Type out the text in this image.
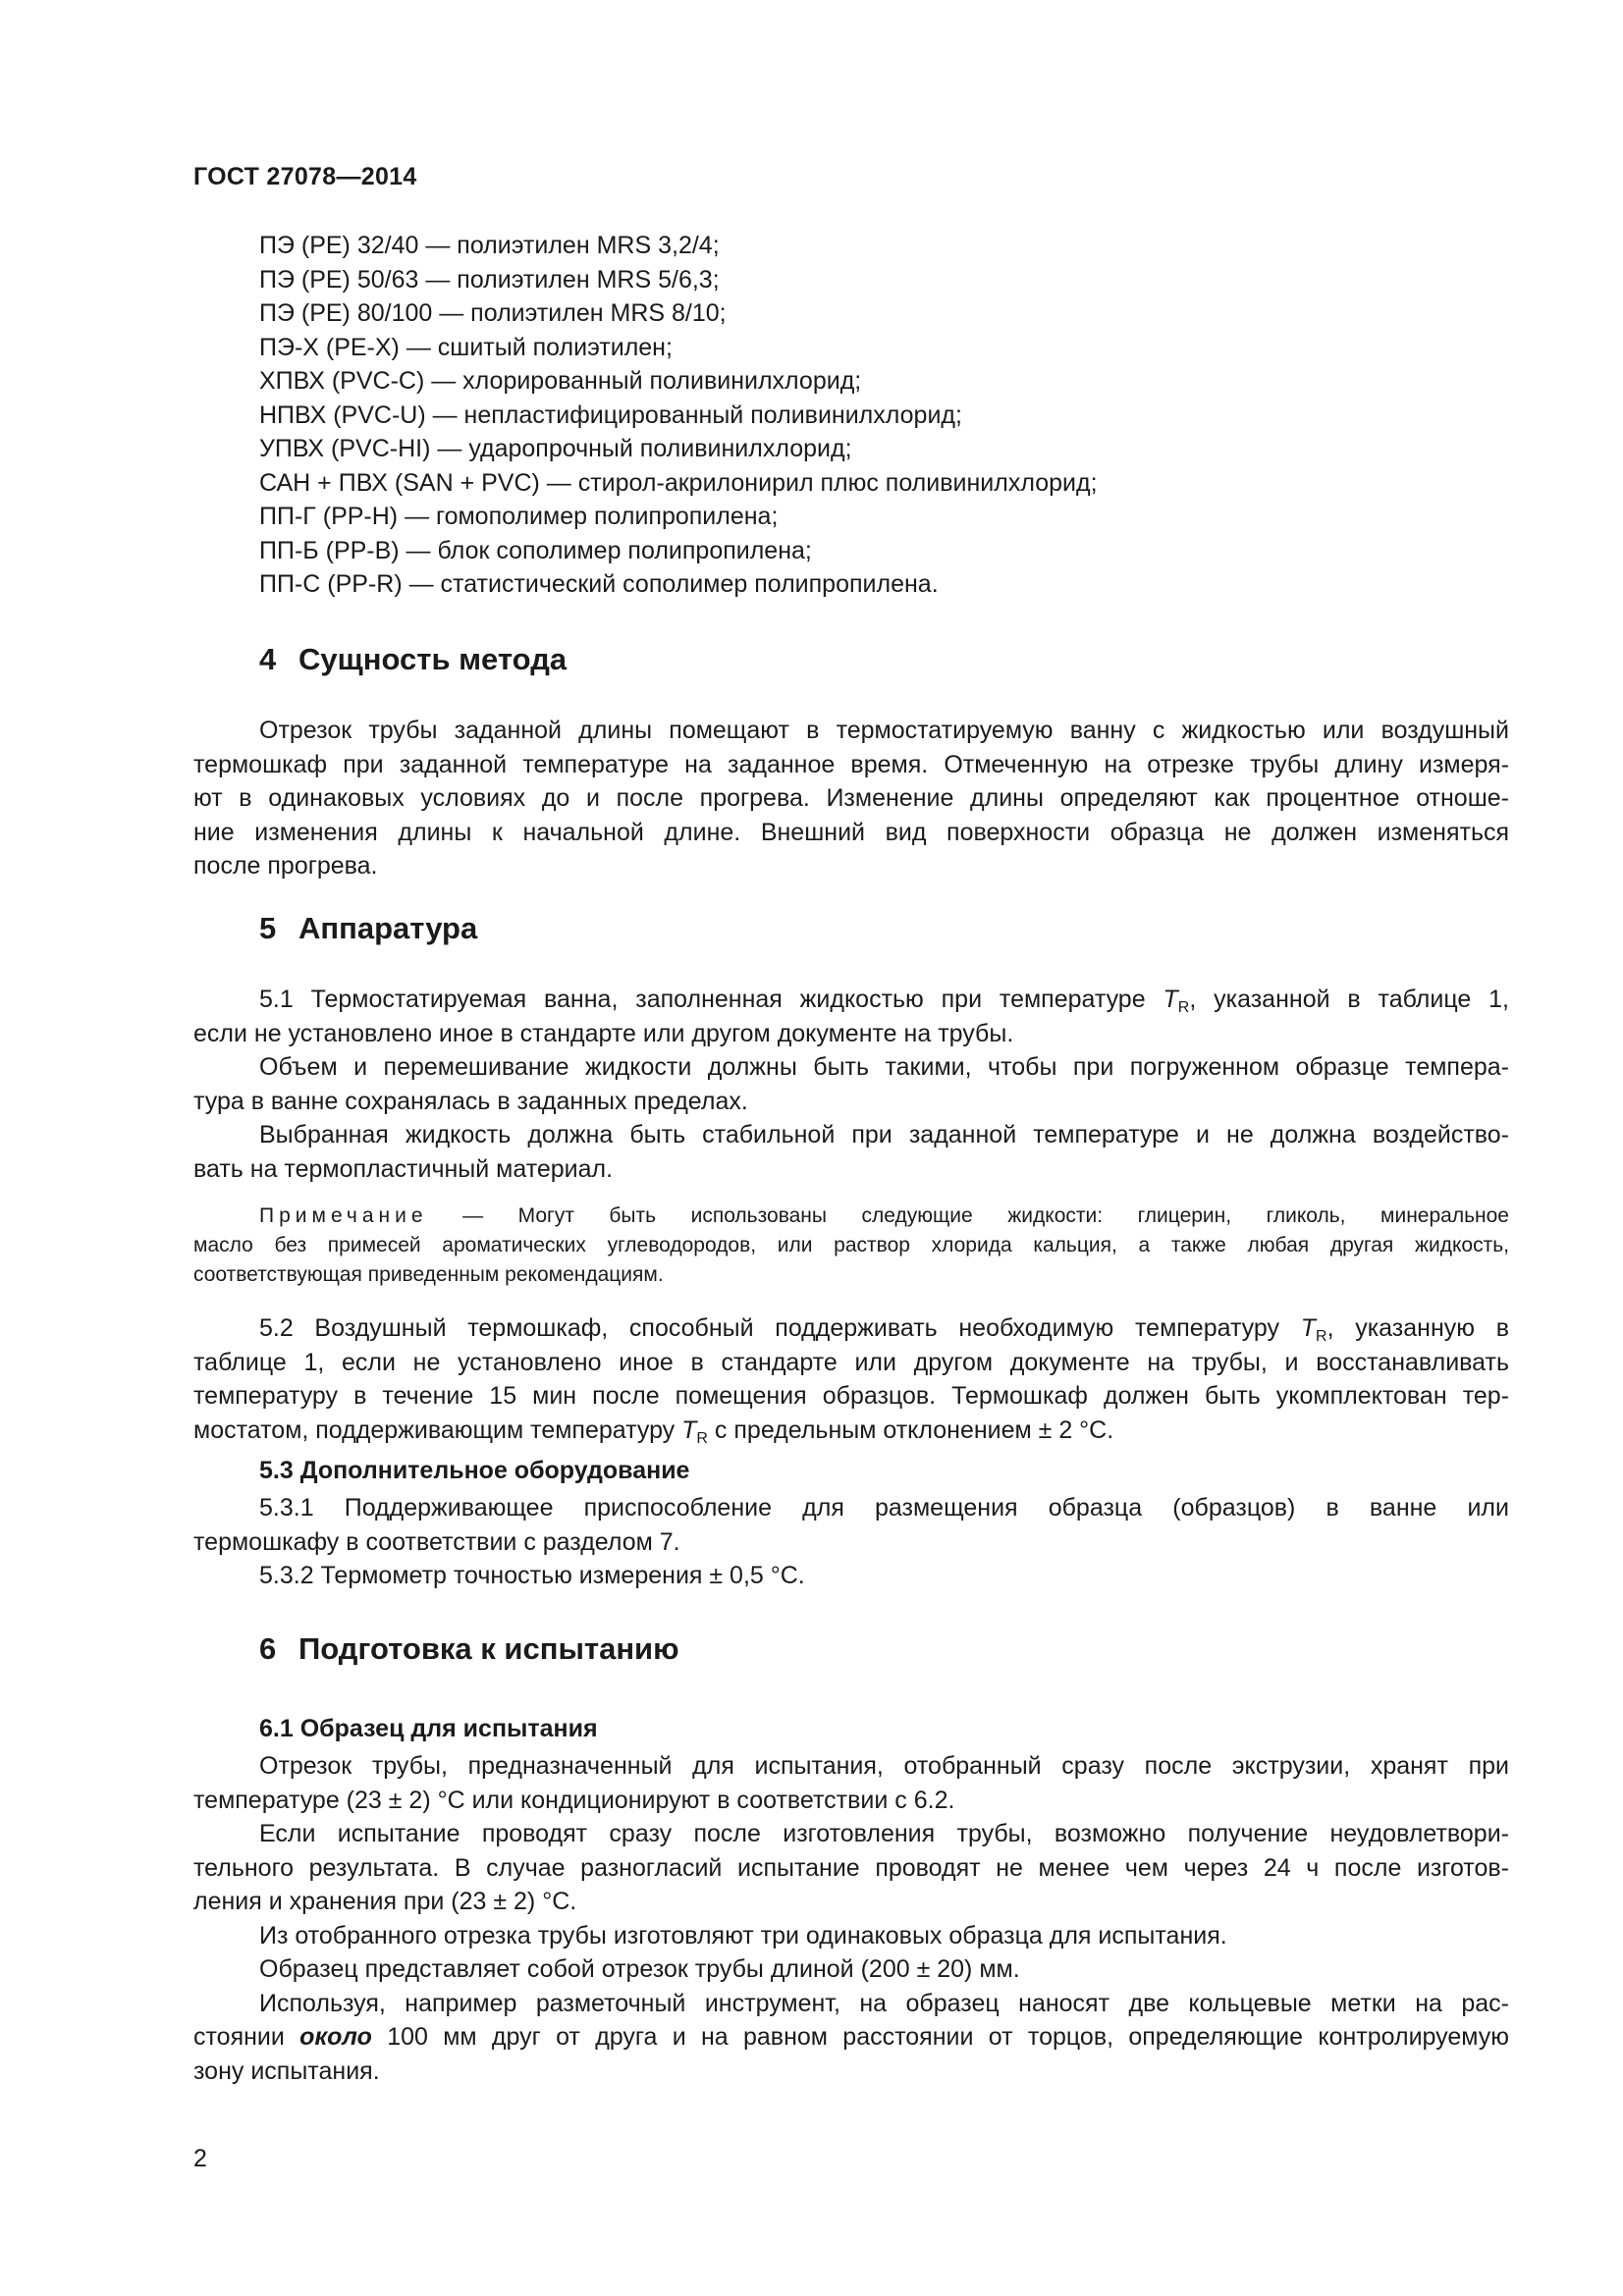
ГОСТ 27078—2014
ПЭ (PE) 32/40 — полиэтилен MRS 3,2/4;
ПЭ (PE) 50/63 — полиэтилен MRS 5/6,3;
ПЭ (PE) 80/100 — полиэтилен MRS 8/10;
ПЭ-Х (PE-X) — сшитый полиэтилен;
ХПВХ (PVC-C) — хлорированный поливинилхлорид;
НПВХ (PVC-U) — непластифицированный поливинилхлорид;
УПВХ (PVC-HI) — ударопрочный поливинилхлорид;
САН + ПВХ (SAN + PVC) — стирол-акрилонирил плюс поливинилхлорид;
ПП-Г (PP-H) — гомополимер полипропилена;
ПП-Б (PP-B) — блок сополимер полипропилена;
ПП-С (PP-R) — статистический сополимер полипропилена.
4 Сущность метода
Отрезок трубы заданной длины помещают в термостатируемую ванну с жидкостью или воздушный
термошкаф при заданной температуре на заданное время. Отмеченную на отрезке трубы длину измеря-
ют в одинаковых условиях до и после прогрева. Изменение длины определяют как процентное отноше-
ние изменения длины к начальной длине. Внешний вид поверхности образца не должен изменяться
после прогрева.
5 Аппаратура
5.1 Термостатируемая ванна, заполненная жидкостью при температуре $T_R$, указанной в таблице 1,
если не установлено иное в стандарте или другом документе на трубы.
Объем и перемешивание жидкости должны быть такими, чтобы при погруженном образце темпера-
тура в ванне сохранялась в заданных пределах.
Выбранная жидкость должна быть стабильной при заданной температуре и не должна воздейство-
вать на термопластичный материал.
Примечание — Могут быть использованы следующие жидкости: глицерин, гликоль, минеральное
масло без примесей ароматических углеводородов, или раствор хлорида кальция, а также любая другая жидкость,
соответствующая приведенным рекомендациям.
5.2 Воздушный термошкаф, способный поддерживать необходимую температуру $T_R$, указанную в
таблице 1, если не установлено иное в стандарте или другом документе на трубы, и восстанавливать
температуру в течение 15 мин после помещения образцов. Термошкаф должен быть укомплектован тер-
мостатом, поддерживающим температуру $T_R$ с предельным отклонением ± 2 °C.
5.3 Дополнительное оборудование
5.3.1 Поддерживающее приспособление для размещения образца (образцов) в ванне или
термошкафу в соответствии с разделом 7.
5.3.2 Термометр точностью измерения ± 0,5 °C.
6 Подготовка к испытанию
6.1 Образец для испытания
Отрезок трубы, предназначенный для испытания, отобранный сразу после экструзии, хранят при
температуре (23 ± 2) °C или кондиционируют в соответствии с 6.2.
Если испытание проводят сразу после изготовления трубы, возможно получение неудовлетвори-
тельного результата. В случае разногласий испытание проводят не менее чем через 24 ч после изготов-
ления и хранения при (23 ± 2) °C.
Из отобранного отрезка трубы изготовляют три одинаковых образца для испытания.
Образец представляет собой отрезок трубы длиной (200 ± 20) мм.
Используя, например разметочный инструмент, на образец наносят две кольцевые метки на рас-
стоянии около 100 мм друг от друга и на равном расстоянии от торцов, определяющие контролируемую
зону испытания.
2
